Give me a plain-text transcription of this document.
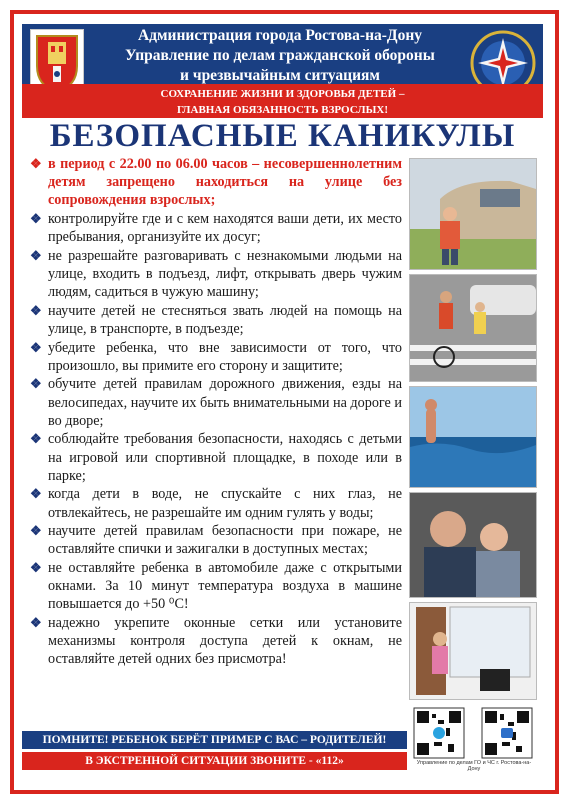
Администрация города Ростова-на-Дону
Управление по делам гражданской обороны
и чрезвычайным ситуациям
СОХРАНЕНИЕ ЖИЗНИ И ЗДОРОВЬЯ ДЕТЕЙ –
ГЛАВНАЯ ОБЯЗАННОСТЬ ВЗРОСЛЫХ!
БЕЗОПАСНЫЕ КАНИКУЛЫ
❖ в период с 22.00 по 06.00 часов – несовершеннолетним детям запрещено находиться на улице без сопровождения взрослых;
❖ контролируйте где и с кем находятся ваши дети, их место пребывания, организуйте их досуг;
❖ не разрешайте разговаривать с незнакомыми людьми на улице, входить в подъезд, лифт, открывать дверь чужим людям, садиться в чужую машину;
❖ научите детей не стесняться звать людей на помощь на улице, в транспорте, в подъезде;
❖ убедите ребенка, что вне зависимости от того, что произошло, вы примите его сторону и защитите;
❖ обучите детей правилам дорожного движения, езды на велосипедах, научите их быть внимательными на дороге и во дворе;
❖ соблюдайте требования безопасности, находясь с детьми на игровой или спортивной площадке, в походе или в парке;
❖ когда дети в воде, не спускайте с них глаз, не отвлекайтесь, не разрешайте им одним гулять у воды;
❖ научите детей правилам безопасности при пожаре, не оставляйте спички и зажигалки в доступных местах;
❖ не оставляйте ребенка в автомобиле даже с открытыми окнами. За 10 минут температура воздуха в машине повышается до +50 ⁰С!
❖ надежно укрепите оконные сетки или установите механизмы контроля доступа детей к окнам, не оставляйте детей одних без присмотра!
ПОМНИТЕ! РЕБЕНОК БЕРЁТ ПРИМЕР С ВАС – РОДИТЕЛЕЙ!
В ЭКСТРЕННОЙ СИТУАЦИИ ЗВОНИТЕ - «112»	Управление по делам ГО и ЧС г. Ростова-на-Дону
